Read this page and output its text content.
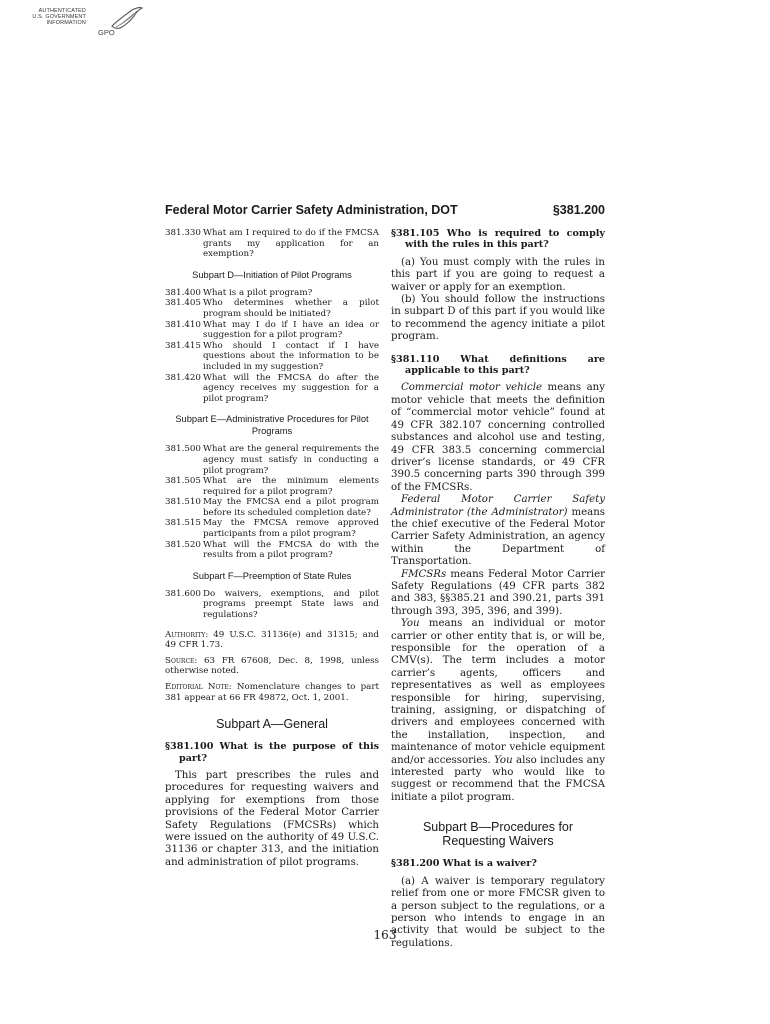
AUTHENTICATED
U.S. GOVERNMENT
INFORMATION
GPO
Federal Motor Carrier Safety Administration, DOT	§381.200
381.330 What am I required to do if the FMCSA grants my application for an exemption?
Subpart D—Initiation of Pilot Programs
381.400 What is a pilot program?
381.405 Who determines whether a pilot program should be initiated?
381.410 What may I do if I have an idea or suggestion for a pilot program?
381.415 Who should I contact if I have questions about the information to be included in my suggestion?
381.420 What will the FMCSA do after the agency receives my suggestion for a pilot program?
Subpart E—Administrative Procedures for Pilot Programs
381.500 What are the general requirements the agency must satisfy in conducting a pilot program?
381.505 What are the minimum elements required for a pilot program?
381.510 May the FMCSA end a pilot program before its scheduled completion date?
381.515 May the FMCSA remove approved participants from a pilot program?
381.520 What will the FMCSA do with the results from a pilot program?
Subpart F—Preemption of State Rules
381.600 Do waivers, exemptions, and pilot programs preempt State laws and regulations?

Authority: 49 U.S.C. 31136(e) and 31315; and 49 CFR 1.73.

Source: 63 FR 67608, Dec. 8, 1998, unless otherwise noted.

Editorial Note: Nomenclature changes to part 381 appear at 66 FR 49872, Oct. 1, 2001.

Subpart A—General
§381.100 What is the purpose of this part?

This part prescribes the rules and procedures for requesting waivers and applying for exemptions from those provisions of the Federal Motor Carrier Safety Regulations (FMCSRs) which were issued on the authority of 49 U.S.C. 31136 or chapter 313, and the initiation and administration of pilot programs.

§381.105 Who is required to comply with the rules in this part?

(a) You must comply with the rules in this part if you are going to request a waiver or apply for an exemption.

(b) You should follow the instructions in subpart D of this part if you would like to recommend the agency initiate a pilot program.

§381.110 What definitions are applicable to this part?

Commercial motor vehicle means any motor vehicle that meets the definition of “commercial motor vehicle” found at 49 CFR 382.107 concerning controlled substances and alcohol use and testing, 49 CFR 383.5 concerning commercial driver’s license standards, or 49 CFR 390.5 concerning parts 390 through 399 of the FMCSRs.

Federal Motor Carrier Safety Administrator (the Administrator) means the chief executive of the Federal Motor Carrier Safety Administration, an agency within the Department of Transportation.

FMCSRs means Federal Motor Carrier Safety Regulations (49 CFR parts 382 and 383, §§385.21 and 390.21, parts 391 through 393, 395, 396, and 399).

You means an individual or motor carrier or other entity that is, or will be, responsible for the operation of a CMV(s). The term includes a motor carrier’s agents, officers and representatives as well as employees responsible for hiring, supervising, training, assigning, or dispatching of drivers and employees concerned with the installation, inspection, and maintenance of motor vehicle equipment and/or accessories. You also includes any interested party who would like to suggest or recommend that the FMCSA initiate a pilot program.

Subpart B—Procedures for Requesting Waivers
§381.200 What is a waiver?

(a) A waiver is temporary regulatory relief from one or more FMCSR given to a person subject to the regulations, or a person who intends to engage in an activity that would be subject to the regulations.

163
